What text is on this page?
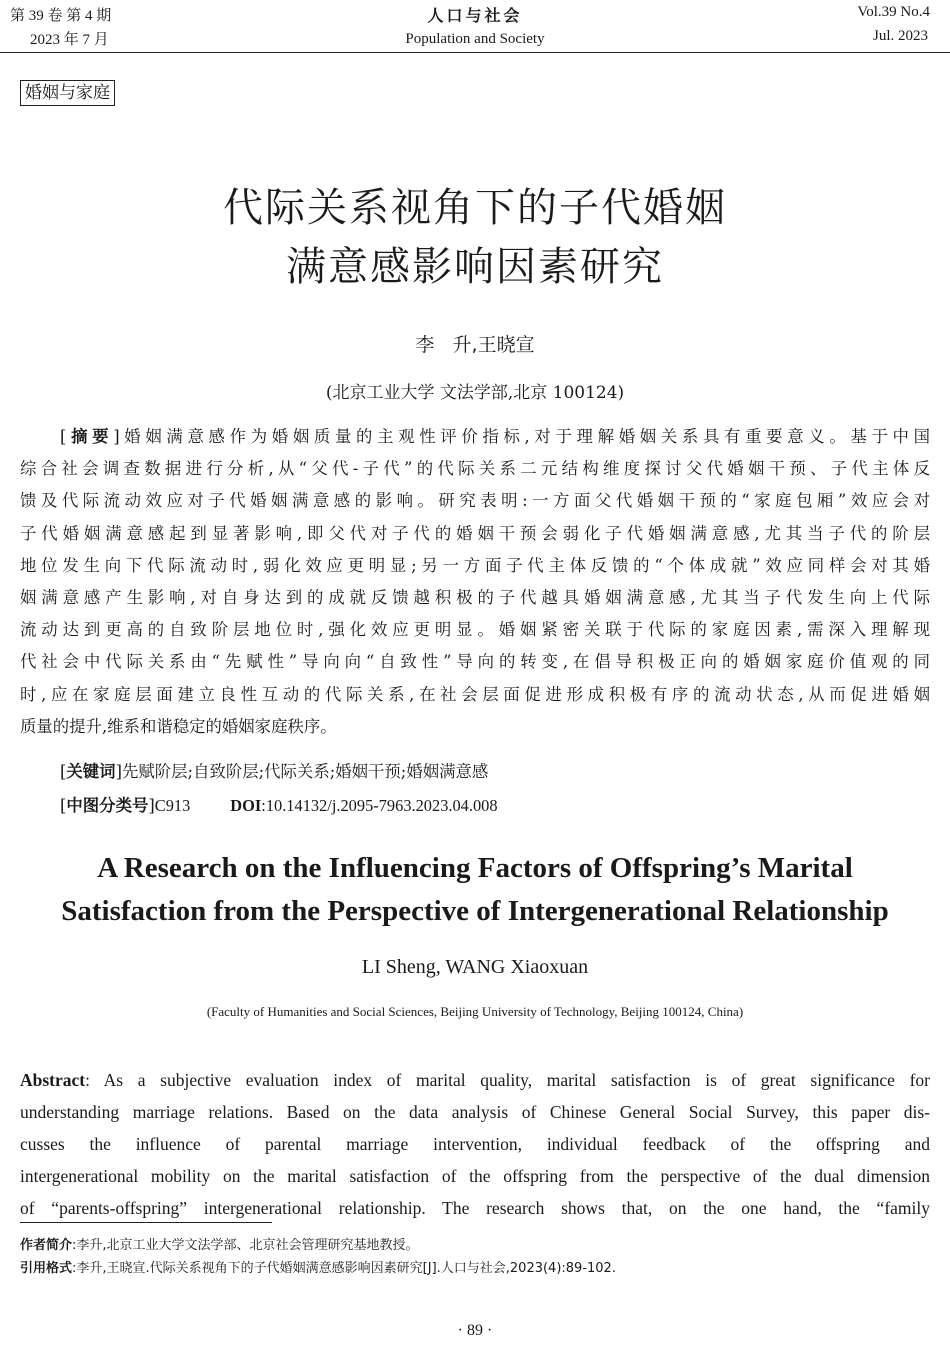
第 39 卷 第 4 期
2023 年 7 月
人口与社会
Population and Society
Vol.39 No.4
Jul. 2023
婚姻与家庭
代际关系视角下的子代婚姻
满意感影响因素研究
李   升,王晓宣
(北京工业大学 文法学部,北京 100124)
[摘要]婚姻满意感作为婚姻质量的主观性评价指标,对于理解婚姻关系具有重要意义。基于中国
综合社会调查数据进行分析,从“父代-子代”的代际关系二元结构维度探讨父代婚姻干预、子代主体反
馈及代际流动效应对子代婚姻满意感的影响。研究表明:一方面父代婚姻干预的“家庭包厢”效应会对
子代婚姻满意感起到显著影响,即父代对子代的婚姻干预会弱化子代婚姻满意感,尤其当子代的阶层
地位发生向下代际流动时,弱化效应更明显;另一方面子代主体反馈的“个体成就”效应同样会对其婚
姻满意感产生影响,对自身达到的成就反馈越积极的子代越具婚姻满意感,尤其当子代发生向上代际
流动达到更高的自致阶层地位时,强化效应更明显。婚姻紧密关联于代际的家庭因素,需深入理解现
代社会中代际关系由“先赋性”导向向“自致性”导向的转变,在倡导积极正向的婚姻家庭价值观的同
时,应在家庭层面建立良性互动的代际关系,在社会层面促进形成积极有序的流动状态,从而促进婚姻
质量的提升,维系和谐稳定的婚姻家庭秩序。
[关键词]先赋阶层;自致阶层;代际关系;婚姻干预;婚姻满意感
[中图分类号]C913 DOI:10.14132/j.2095-7963.2023.04.008
A Research on the Influencing Factors of Offspring’s Marital
Satisfaction from the Perspective of Intergenerational Relationship
LI Sheng, WANG Xiaoxuan
(Faculty of Humanities and Social Sciences, Beijing University of Technology, Beijing 100124, China)
Abstract: As a subjective evaluation index of marital quality, marital satisfaction is of great significance for
understanding marriage relations. Based on the data analysis of Chinese General Social Survey, this paper dis-
cusses the influence of parental marriage intervention, individual feedback of the offspring and
intergenerational mobility on the marital satisfaction of the offspring from the perspective of the dual dimension
of “parents-offspring” intergenerational relationship. The research shows that, on the one hand, the “family
作者简介:李升,北京工业大学文法学部、北京社会管理研究基地教授。
引用格式:李升,王晓宣.代际关系视角下的子代婚姻满意感影响因素研究[J].人口与社会,2023(4):89-102.
· 89 ·
